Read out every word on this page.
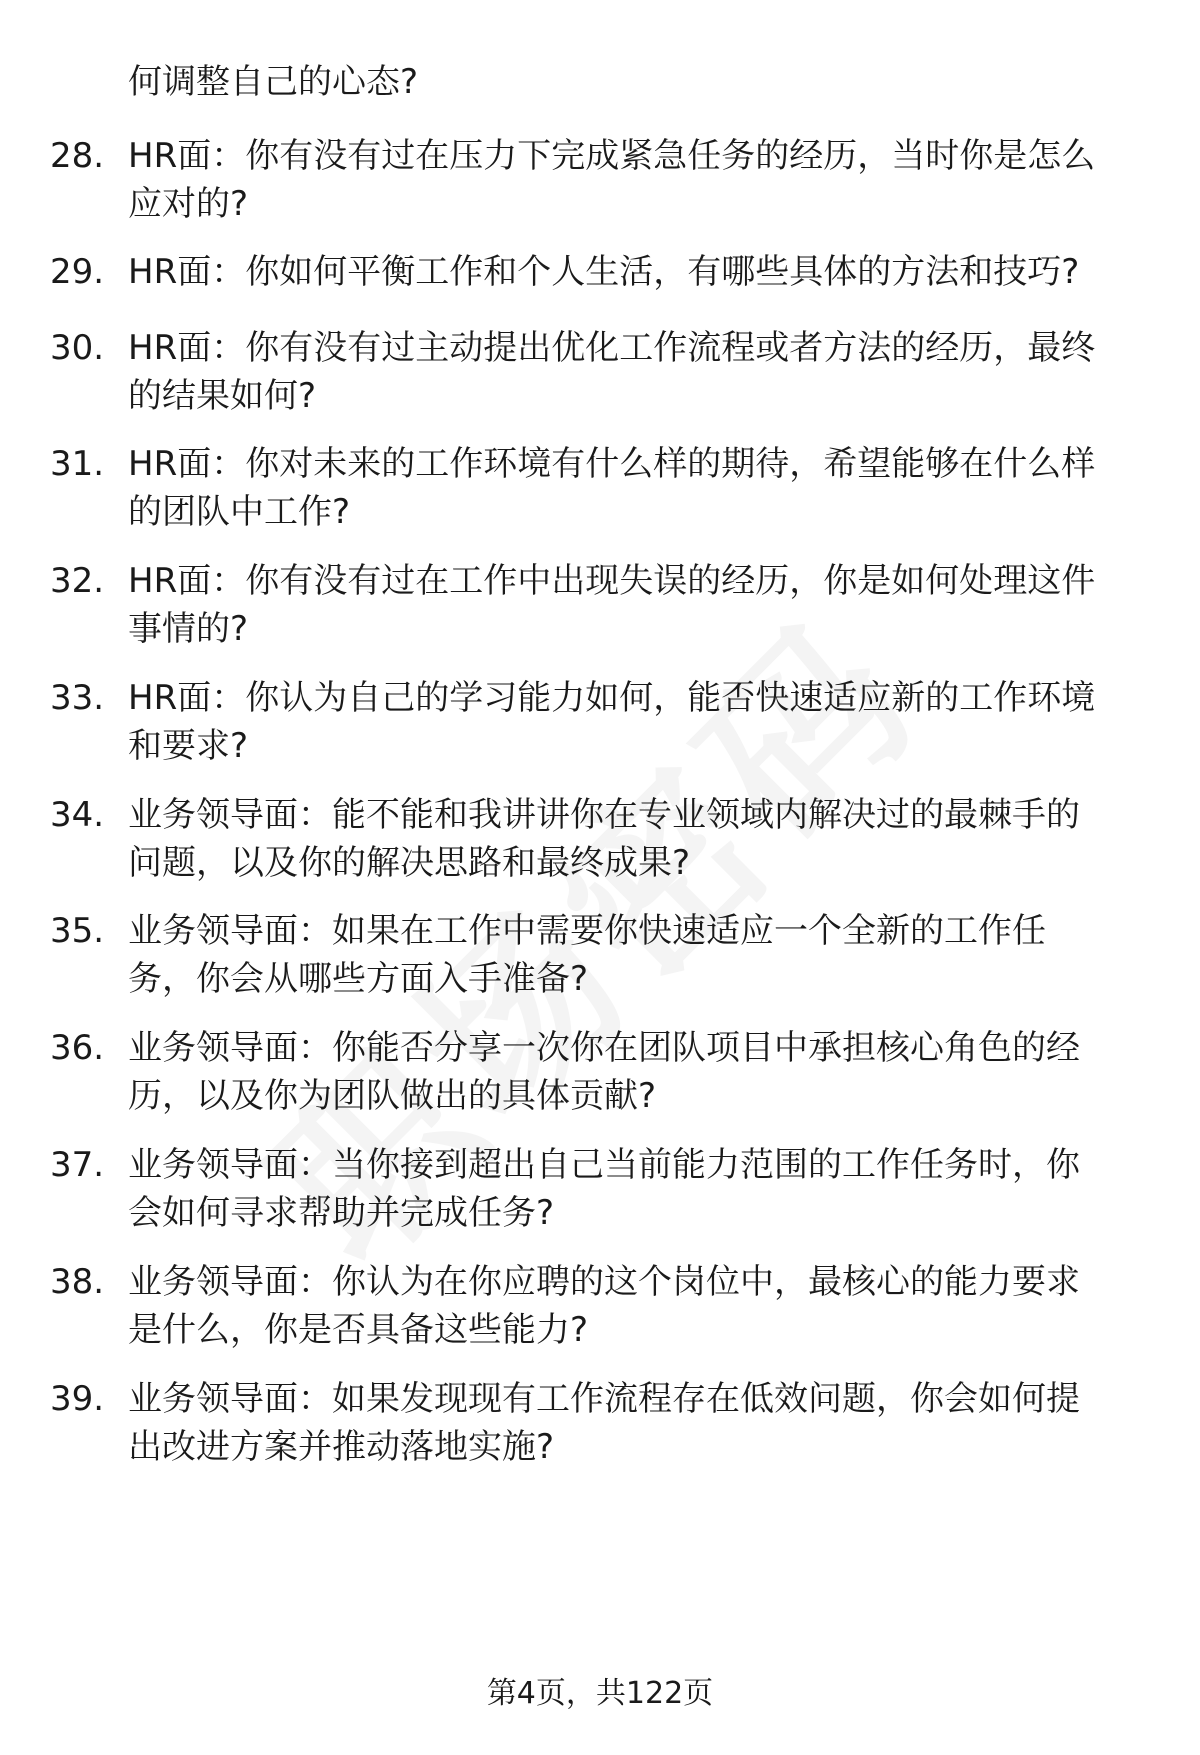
何调整自己的心态?
28. HR面：你有没有过在压力下完成紧急任务的经历，当时你是怎么
应对的?
29. HR面：你如何平衡工作和个人生活，有哪些具体的方法和技巧?
30. HR面：你有没有过主动提出优化工作流程或者方法的经历，最终
的结果如何?
31. HR面：你对未来的工作环境有什么样的期待，希望能够在什么样
的团队中工作?
32. HR面：你有没有过在工作中出现失误的经历，你是如何处理这件
事情的?
33. HR面：你认为自己的学习能力如何，能否快速适应新的工作环境
和要求?
34. 业务领导面：能不能和我讲讲你在专业领域内解决过的最棘手的
问题，以及你的解决思路和最终成果?
35. 业务领导面：如果在工作中需要你快速适应一个全新的工作任
务，你会从哪些方面入手准备?
36. 业务领导面：你能否分享一次你在团队项目中承担核心角色的经
历，以及你为团队做出的具体贡献?
37. 业务领导面：当你接到超出自己当前能力范围的工作任务时，你
会如何寻求帮助并完成任务?
38. 业务领导面：你认为在你应聘的这个岗位中，最核心的能力要求
是什么，你是否具备这些能力?
39. 业务领导面：如果发现现有工作流程存在低效问题，你会如何提
出改进方案并推动落地实施?
第4页，共122页
